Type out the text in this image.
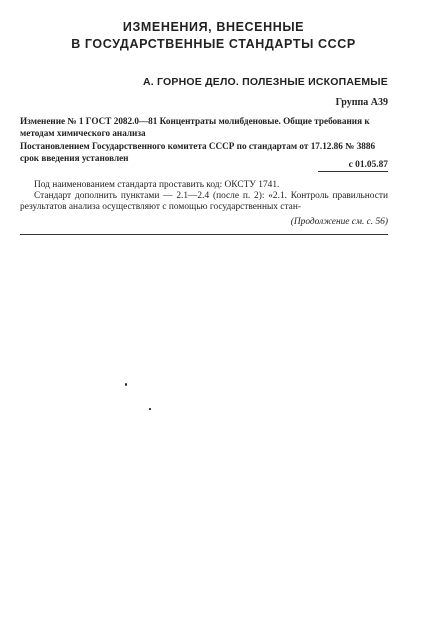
ИЗМЕНЕНИЯ, ВНЕСЕННЫЕ
В ГОСУДАРСТВЕННЫЕ СТАНДАРТЫ СССР
А. ГОРНОЕ ДЕЛО. ПОЛЕЗНЫЕ ИСКОПАЕМЫЕ
Группа А39
Изменение № 1 ГОСТ 2082.0—81 Концентраты молибденовые. Общие требования к методам химического анализа
Постановлением Государственного комитета СССР по стандартам от 17.12.86 № 3886 срок введения установлен
с 01.05.87
Под наименованием стандарта проставить код: ОКСТУ 1741.
Стандарт дополнить пунктами — 2.1—2.4 (после п. 2): «2.1. Контроль правильности результатов анализа осуществляют с помощью государственных стан-
(Продолжение см. с. 56)
